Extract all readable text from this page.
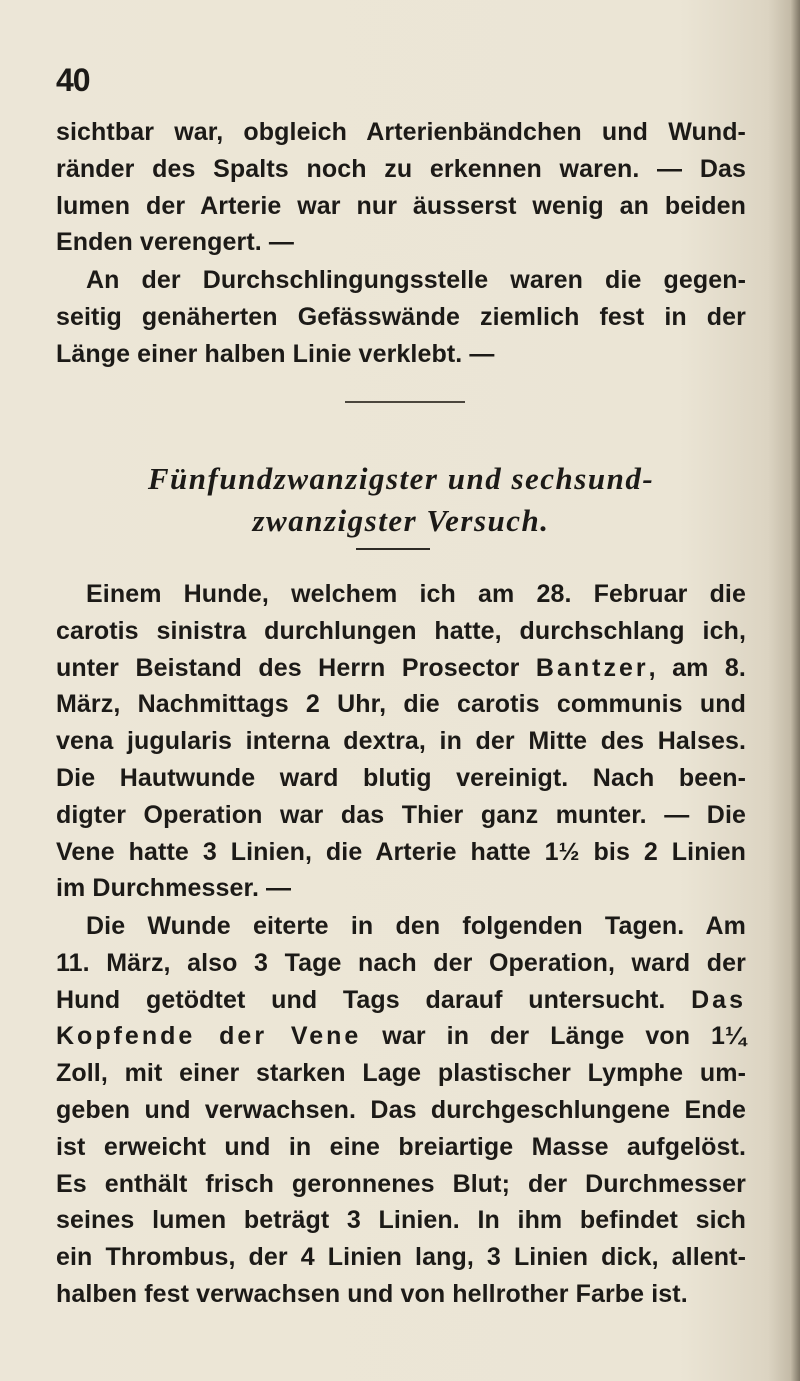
40
sichtbar war, obgleich Arterienbändchen und Wund-
ränder des Spalts noch zu erkennen waren. — Das
lumen der Arterie war nur äusserst wenig an beiden
Enden verengert. —
An der Durchschlingungsstelle waren die gegen-
seitig genäherten Gefässwände ziemlich fest in der
Länge einer halben Linie verklebt. —
Fünfundzwanzigster und sechsund-
zwanzigster Versuch.
Einem Hunde, welchem ich am 28. Februar die
carotis sinistra durchlungen hatte, durchschlang ich,
unter Beistand des Herrn Prosector Bantzer, am 8.
März, Nachmittags 2 Uhr, die carotis communis und
vena jugularis interna dextra, in der Mitte des Halses.
Die Hautwunde ward blutig vereinigt. Nach been-
digter Operation war das Thier ganz munter. — Die
Vene hatte 3 Linien, die Arterie hatte 1½ bis 2 Linien
im Durchmesser. —
Die Wunde eiterte in den folgenden Tagen. Am
11. März, also 3 Tage nach der Operation, ward der
Hund getödtet und Tags darauf untersucht. Das
Kopfende der Vene war in der Länge von 1¼
Zoll, mit einer starken Lage plastischer Lymphe um-
geben und verwachsen. Das durchgeschlungene Ende
ist erweicht und in eine breiartige Masse aufgelöst.
Es enthält frisch geronnenes Blut; der Durchmesser
seines lumen beträgt 3 Linien. In ihm befindet sich
ein Thrombus, der 4 Linien lang, 3 Linien dick, allent-
halben fest verwachsen und von hellrother Farbe ist.
